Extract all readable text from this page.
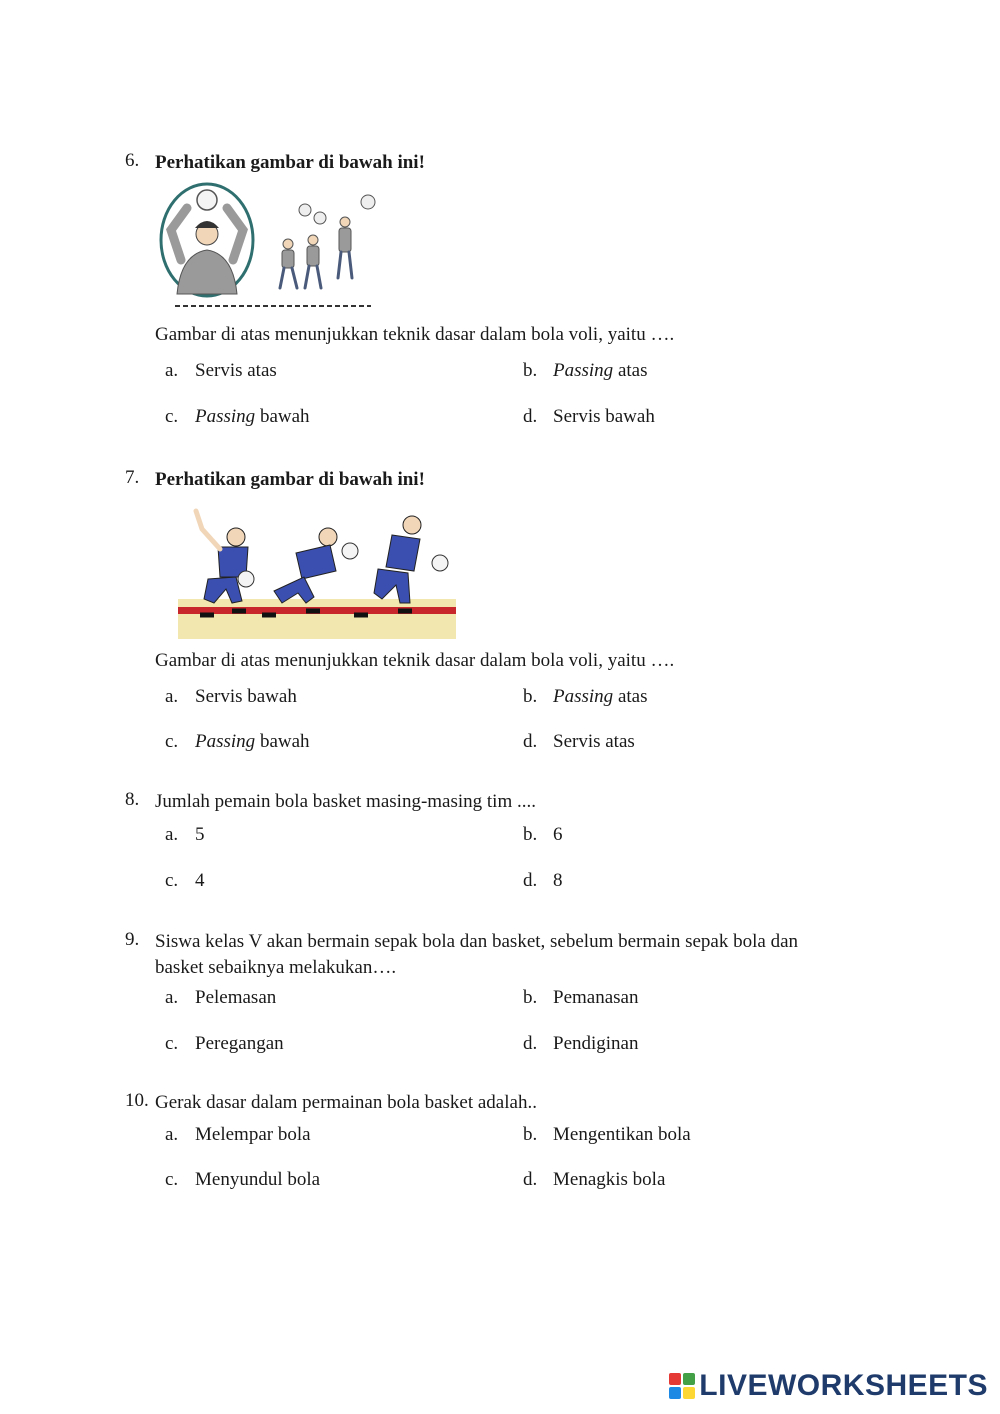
6. Perhatikan gambar di bawah ini!
Gambar di atas menunjukkan teknik dasar dalam bola voli, yaitu ….
a. Servis atas	b. Passing atas
c. Passing bawah	d. Servis bawah
7. Perhatikan gambar di bawah ini!
Gambar di atas menunjukkan teknik dasar dalam bola voli, yaitu ….
a. Servis bawah	b. Passing atas
c. Passing bawah	d. Servis atas
8. Jumlah pemain bola basket masing-masing tim ....
a. 5	b. 6
c. 4	d. 8
9. Siswa kelas V akan bermain sepak bola dan basket, sebelum bermain sepak bola dan basket sebaiknya melakukan….
a. Pelemasan	b. Pemanasan
c. Peregangan	d. Pendiginan
10. Gerak dasar dalam permainan bola basket adalah..
a. Melempar bola	b. Mengentikan bola
c. Menyundul bola	d. Menagkis bola
LIVEWORKSHEETS
